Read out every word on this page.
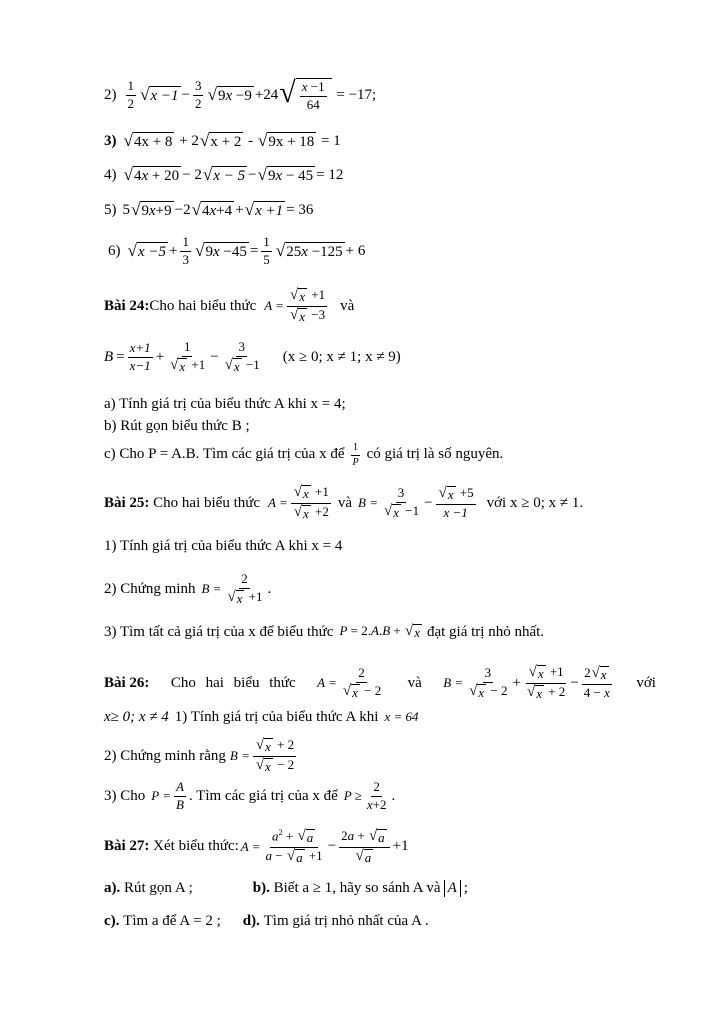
$2) \frac{1}{2}$ √ $x -1 - \frac{3}{2}$ √ 9x −9 +24 √ $\frac{x -1}{64} = -17$;
3) √ 4x + 8 + 2 √ x + 2 - √ 9x + 18 = 1
4) √ 4x + 20 − 2 √ x − 5 − √ 9x − 45 = 12
5) 5 √ 9x+9 −2 √ 4x+4 + √ x +1 = 36
6) √ $x -5 + \frac{1}{3}$ √ $9x -45 = \frac{1}{5}$ √ 25x −125 + 6
Bài 24: Cho hai biểu thức $A = \frac{√ x +1}{√ x -3}$ và
$B = \frac{x+1}{x-1} + \frac{1}{√ x +1} - \frac{3}{√ x -1} (x \ge 0$; x ≠ 1; x ≠ 9)
a) Tính giá trị của biểu thức A khi x = 4;
b) Rút gọn biểu thức B ;
c) Cho P = A.B. Tìm các giá trị của x để $\frac{1}{P}$ có giá trị là số nguyên.
Bài 25:
Cho hai biểu thức $A = \frac{√ x +1}{√ x +2}$ và $B = \frac{3}{√ x -1} - \frac{√ x +5}{x -1}$ với x ≥ 0; x ≠ 1.
1) Tính giá trị của biểu thức A khi x = 4
2) Chứng minh $B = \frac{2}{√ x +1}$ .
3) Tìm tất cả giá trị của x để biểu thức P = 2.A.B + √ x đạt giá trị nhỏ nhất.
Bài 26: Cho hai biểu thức $A = \frac{2}{√ x - 2}$ và $B = \frac{3}{√ x - 2} + \frac{√ x +1}{√ x + 2} - \frac{2 √ x}{4 - x}$ với
x≥ 0; x ≠ 4 1) Tính giá trị của biểu thức A khi x = 64
2) Chứng minh rằng $B = \frac{√ x + 2}{√ x - 2}$
3) Cho $P = \frac{A}{B}$ . Tìm các giá trị của x để $P \ge \frac{2}{x+2}$ .
Bài 27:
Xét biểu thức: $A = \frac{a^2 + √ a}{a - √ a +1} - \frac{2a + √ a}{√ a} +1$
a).
Rút gọn A ;	b).
Biết a ≥ 1, hãy so sánh A và A ;
c).
Tìm a để A = 2 ; d).
Tìm giá trị nhỏ nhất của A .
